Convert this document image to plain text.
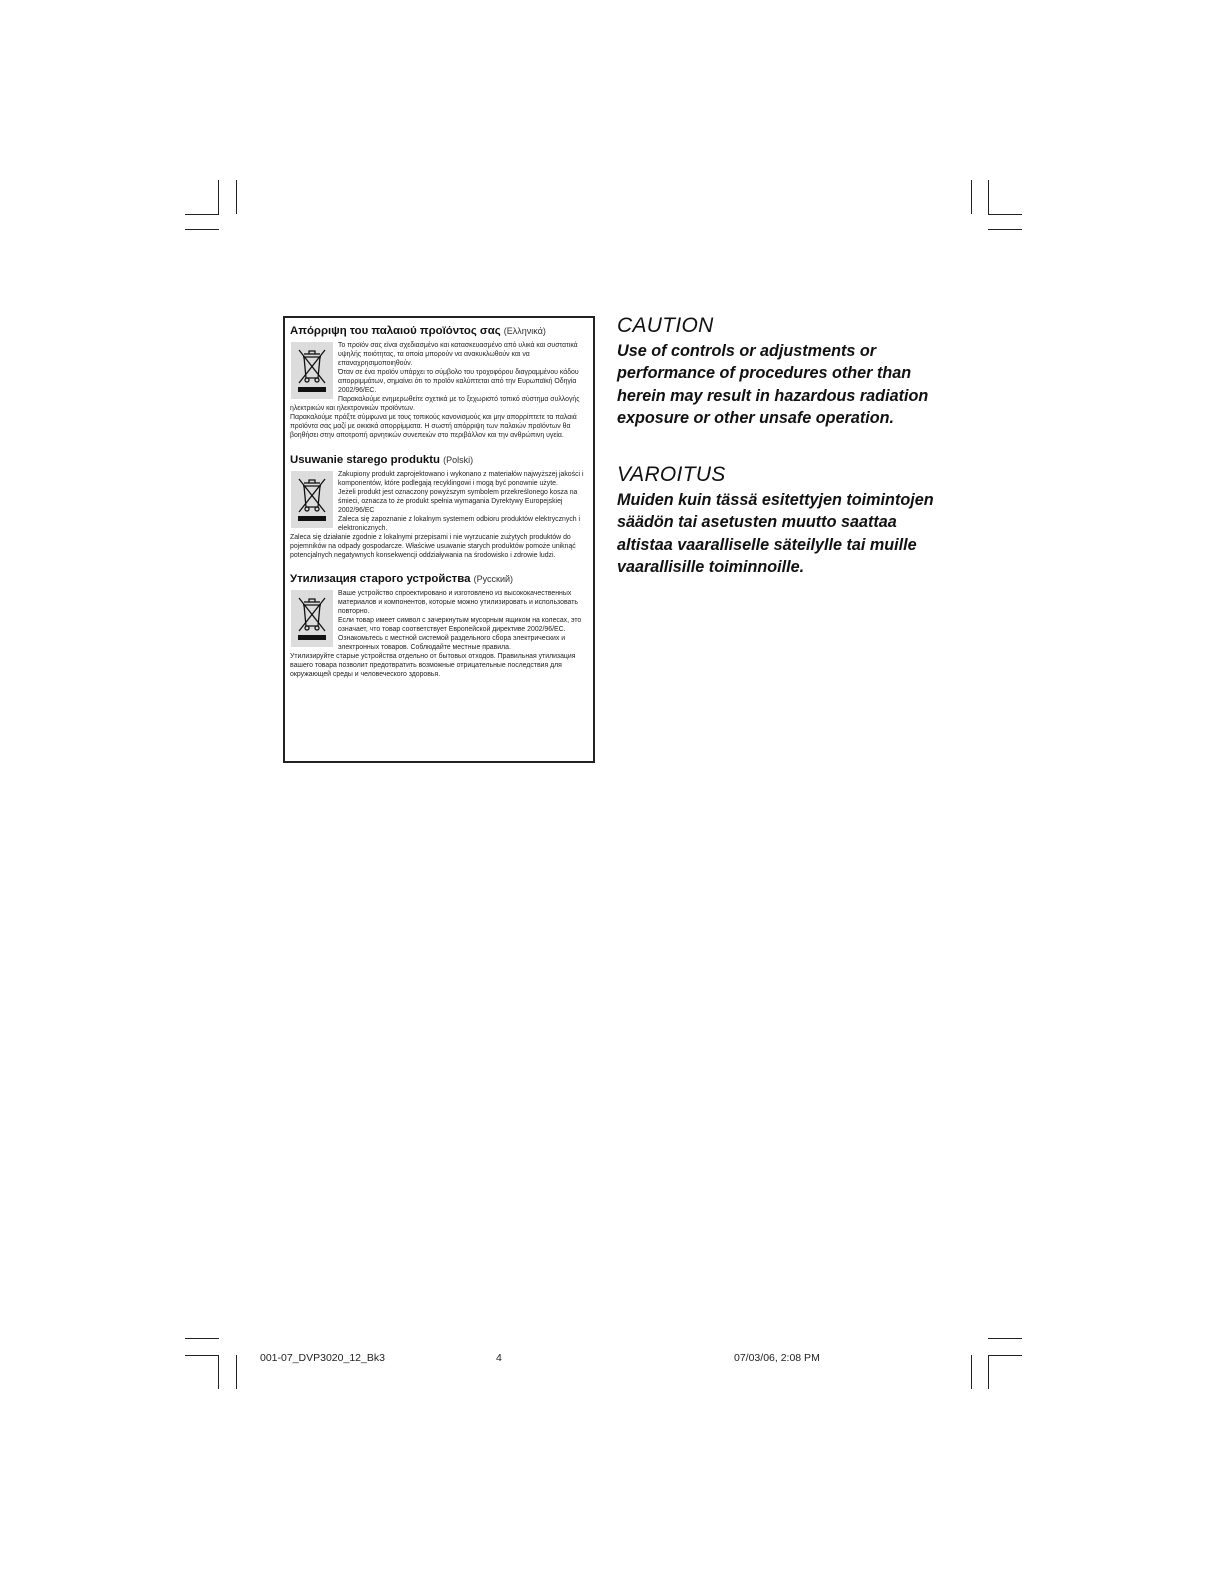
Απόρριψη του παλαιού προϊόντος σας (Ελληνικά)
Το προϊόν σας είναι σχεδιασμένο και κατασκευασμένο από υλικά και συστατικά υψηλής ποιότητας, τα οποία μπορούν να ανακυκλωθούν και να επαναχρησιμοποιηθούν.
Όταν σε ένα προϊόν υπάρχει το σύμβολο του τροχοφόρου διαγραμμένου κάδου απορριμμάτων, σημαίνει ότι το προϊόν καλύπτεται από την Ευρωπαϊκή Οδηγία 2002/96/ΕC.
Παρακαλούμε ενημερωθείτε σχετικά με το ξεχωριστό τοπικό σύστημα συλλογής ηλεκτρικών και ηλεκτρονικών προϊόντων.
Παρακαλούμε πράξτε σύμφωνα με τους τοπικούς κανονισμούς και μην απορρίπτετε τα παλαιά προϊόντα σας μαζί με οικιακά απορρίμματα. Η σωστή απόρριψη των παλαιών προϊόντων θα βοηθήσει στην αποτροπή αρνητικών συνεπειών στο περιβάλλον και την ανθρώπινη υγεία.
Usuwanie starego produktu (Polski)
Zakupiony produkt zaprojektowano i wykonano z materiałów najwyższej jakości i komponentów, które podlegają recyklingowi i mogą być ponownie użyte.
Jeżeli produkt jest oznaczony powyższym symbolem przekreślonego kosza na śmieci, oznacza to że produkt spełnia wymagania Dyrektywy Europejskiej 2002/96/EC
Zaleca się zapoznanie z lokalnym systemem odbioru produktów elektrycznych i elektronicznych.
Zaleca się działanie zgodnie z lokalnymi przepisami i nie wyrzucanie zużytych produktów do pojemników na odpady gospodarcze. Właściwe usuwanie starych produktów pomoże uniknąć potencjalnych negatywnych konsekwencji oddziaływania na środowisko i zdrowie ludzi.
Утилизация старого устройства (Русский)
Ваше устройство спроектировано и изготовлено из высококачественных материалов и компонентов, которые можно утилизировать и использовать повторно.
Если товар имеет символ с зачеркнутым мусорным ящиком на колесах, это означает, что товар соответствует Европейской директиве 2002/96/EC.
Ознакомьтесь с местной системой раздельного сбора электрических и электронных товаров. Соблюдайте местные правила.
Утилизируйте старые устройства отдельно от бытовых отходов. Правильная утилизация вашего товара позволит предотвратить возможные отрицательные последствия для окружающей среды и человеческого здоровья.
CAUTION
Use of controls or adjustments or performance of procedures other than herein may result in hazardous radiation exposure or other unsafe operation.
VAROITUS
Muiden kuin tässä esitettyjen toimintojen säädön tai asetusten muutto saattaa altistaa vaaralliselle säteilylle tai muille vaarallisille toiminnoille.
001-07_DVP3020_12_Bk3	4	07/03/06, 2:08 PM
